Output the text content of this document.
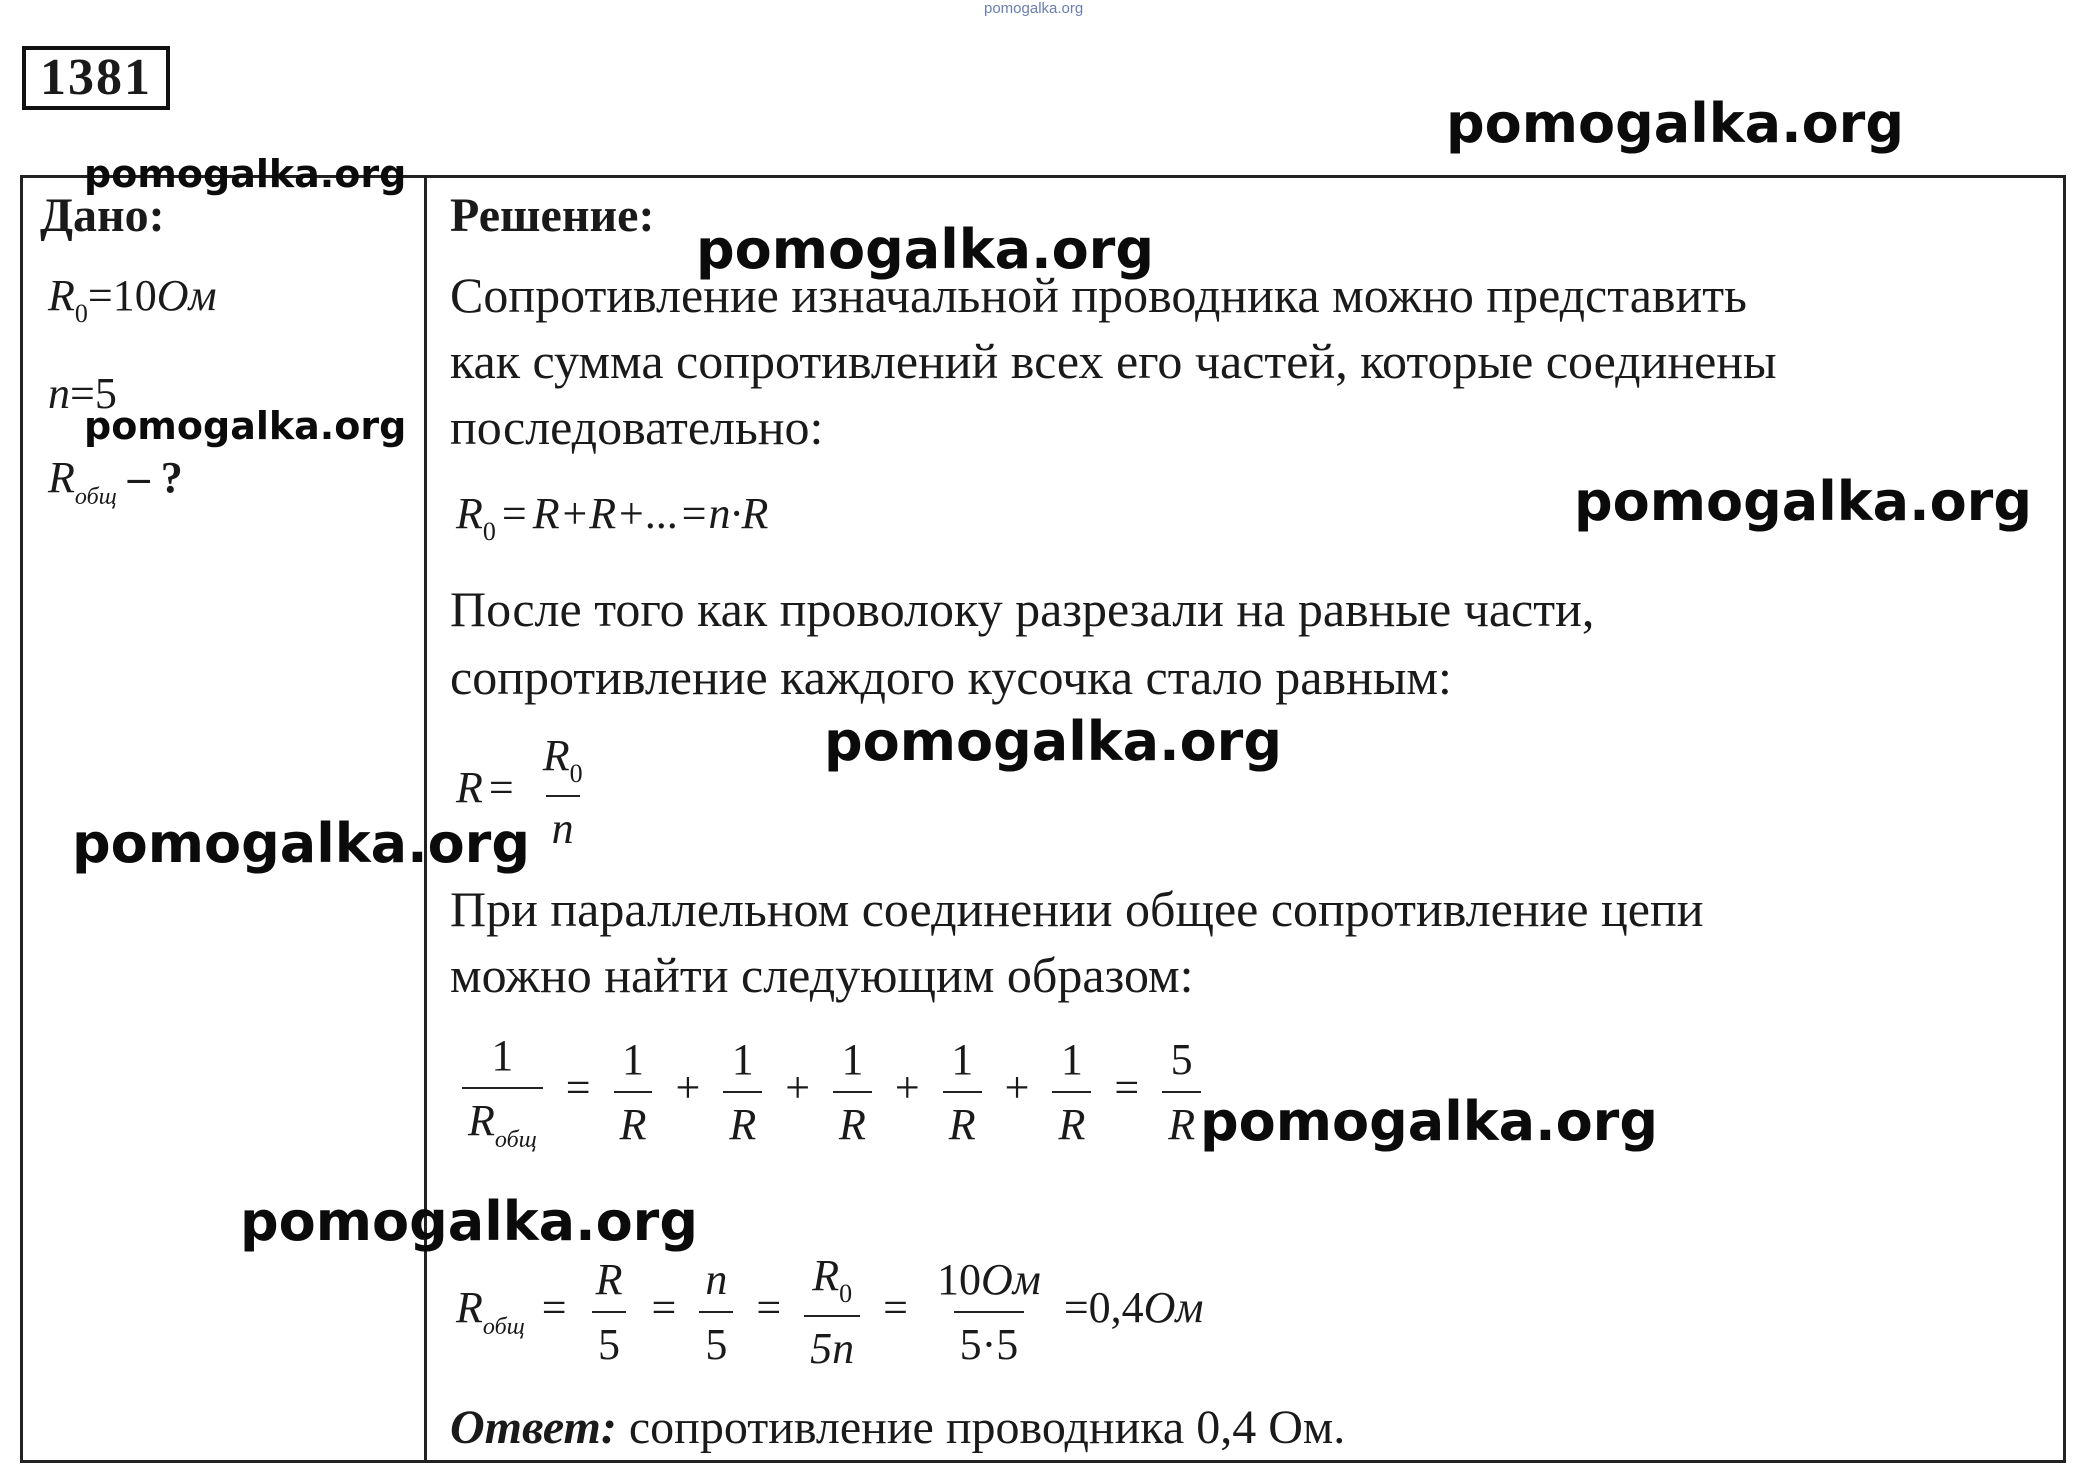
pomogalka.org
1381
Дано:
$R_0=10Ом$
n=5
$R_{общ}$ – ?
Решение:
Сопротивление изначальной проводника можно представить
как сумма сопротивлений всех его частей, которые соединены
последовательно:
$R_0 = R+R+...=n\cdot R$
После того как проволоку разрезали на равные части,
сопротивление каждого кусочка стало равным:
$R = \frac{R_0}{n}$
При параллельном соединении общее сопротивление цепи
можно найти следующим образом:
$\frac{1}{R_{общ}} = \frac{1}{R} + \frac{1}{R} + \frac{1}{R} + \frac{1}{R} + \frac{1}{R} = \frac{5}{R}$
$R_{общ} = \frac{R}{5} = \frac{n}{5} = \frac{R_0}{5n} = \frac{10Ом}{5\cdot 5} =0,4Ом$
Ответ: сопротивление проводника 0,4 Ом.
pomogalka.org
pomogalka.org
pomogalka.org
pomogalka.org
pomogalka.org
pomogalka.org
pomogalka.org
pomogalka.org
pomogalka.org
